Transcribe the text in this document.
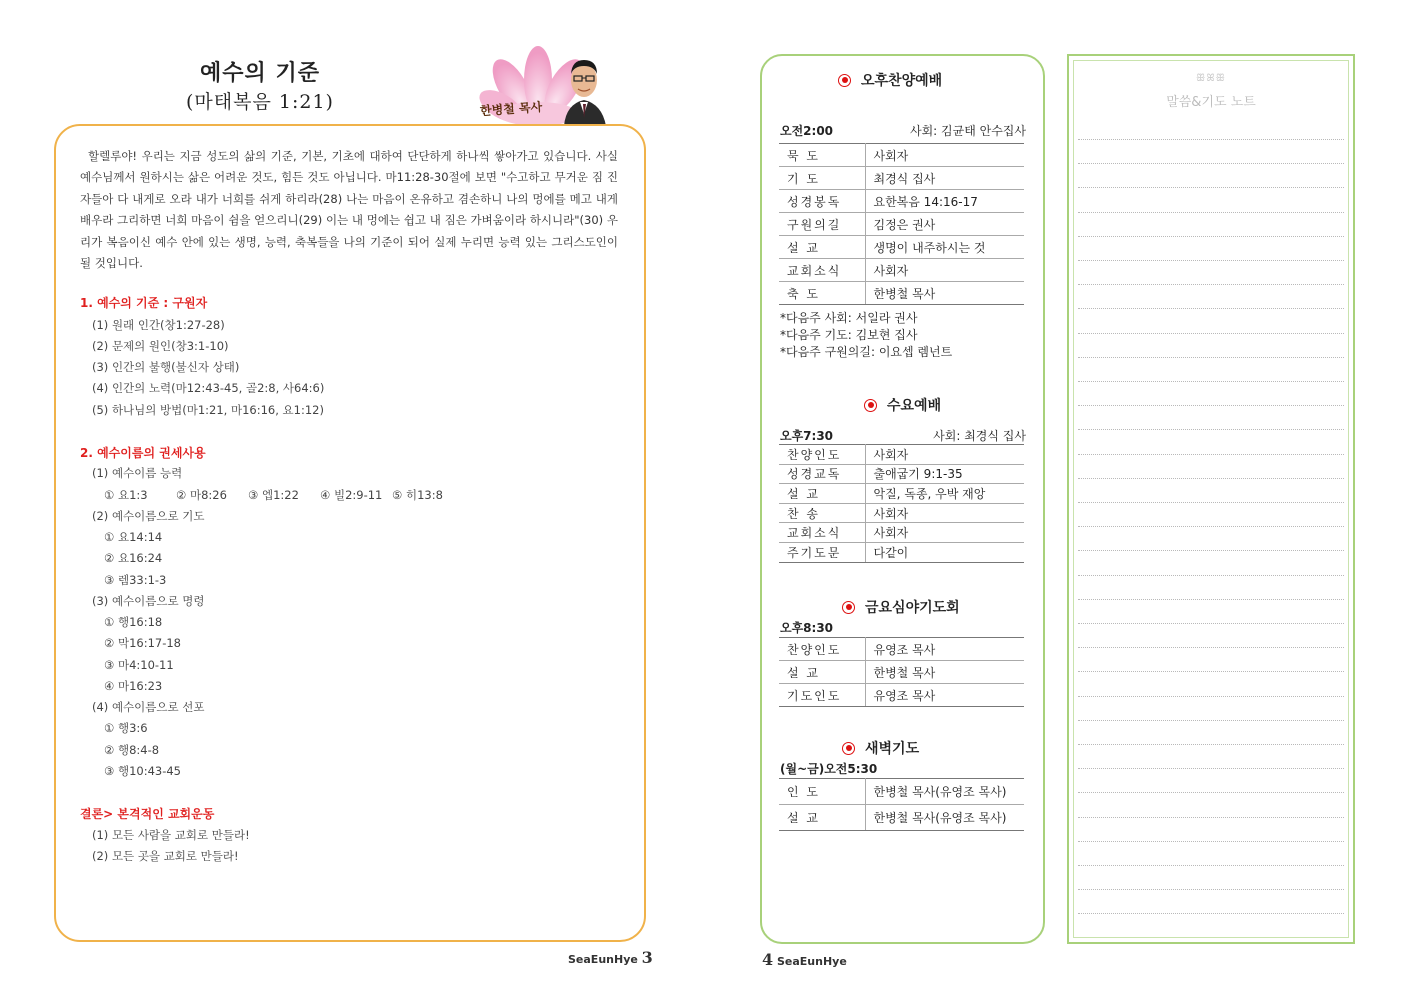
예수의 기준
(마태복음 1:21)	한병철 목사

할렐루야! 우리는 지금 성도의 삶의 기준, 기본, 기초에 대하여 단단하게 하나씩 쌓아가고 있습니다. 사실 예수님께서 원하시는 삶은 어려운 것도, 힘든 것도 아닙니다. 마11:28-30절에 보면 "수고하고 무거운 짐 진 자들아 다 내게로 오라 내가 너희를 쉬게 하리라(28) 나는 마음이 온유하고 겸손하니 나의 멍에를 메고 내게 배우라 그리하면 너희 마음이 쉼을 얻으리니(29) 이는 내 멍에는 쉽고 내 짐은 가벼움이라 하시니라"(30) 우리가 복음이신 예수 안에 있는 생명, 능력, 축복들을 나의 기준이 되어 실제 누리면 능력 있는 그리스도인이 될 것입니다.

1. 예수의 기준 : 구원자
(1) 원래 인간(창1:27-28)
(2) 문제의 원인(창3:1-10)
(3) 인간의 불행(불신자 상태)
(4) 인간의 노력(마12:43-45, 골2:8, 사64:6)
(5) 하나님의 방법(마1:21, 마16:16, 요1:12)
2. 예수이름의 권세사용
(1) 예수이름 능력
① 요1:3	② 마8:26	③ 엡1:22	④ 빌2:9-11 ⑤ 히13:8
(2) 예수이름으로 기도
① 요14:14
② 요16:24
③ 렘33:1-3
(3) 예수이름으로 명령
① 행16:18
② 막16:17-18
③ 마4:10-11
④ 마16:23
(4) 예수이름으로 선포
① 행3:6
② 행8:4-8
③ 행10:43-45
결론> 본격적인 교회운동
(1) 모든 사람을 교회로 만들라!
(2) 모든 곳을 교회로 만들라!
SeaEunHye 3
오후찬양예배
오전2:00	사회: 김균태 안수집사
묵 도	사회자
기 도	최경식 집사
성경봉독	요한복음 14:16-17
구원의길	김정은 권사
설 교	생명이 내주하시는 것
교회소식	사회자
축 도	한병철 목사
*다음주 사회: 서일라 권사
*다음주 기도: 김보현 집사
*다음주 구원의길: 이요셉 렘넌트
수요예배
오후7:30	사회: 최경식 집사
찬양인도	사회자
성경교독	출애굽기 9:1-35
설 교	악질, 독종, 우박 재앙
찬 송	사회자
교회소식	사회자
주기도문	다같이
금요심야기도회
오후8:30
찬양인도	유영조 목사
설 교	한병철 목사
기도인도	유영조 목사
새벽기도
(월~금)오전5:30
인 도	한병철 목사(유영조 목사)
설 교	한병철 목사(유영조 목사)
4 SeaEunHye
ꕥꕤꕥ
말씀&기도 노트
